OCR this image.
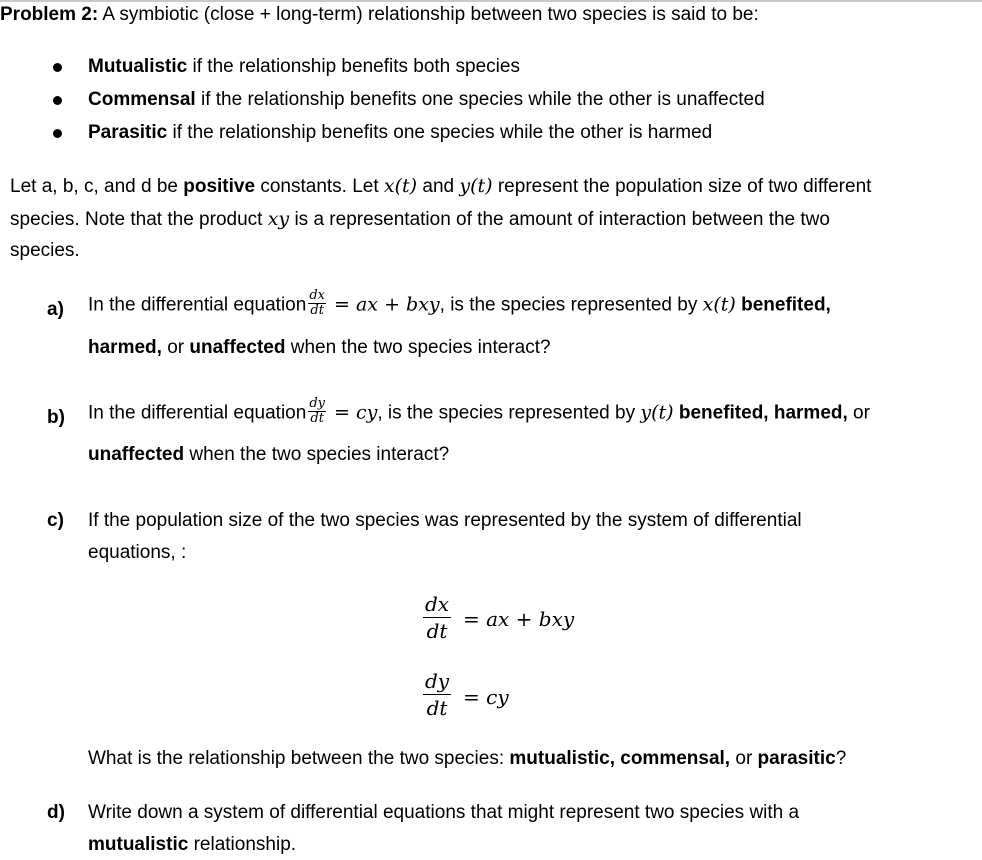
Problem 2: A symbiotic (close + long-term) relationship between two species is said to be:
Mutualistic if the relationship benefits both species
Commensal if the relationship benefits one species while the other is unaffected
Parasitic if the relationship benefits one species while the other is harmed
Let a, b, c, and d be positive constants. Let x(t) and y(t) represent the population size of two different
species. Note that the product xy is a representation of the amount of interaction between the two
species.
a) In the differential equation $\frac{dx}{dt}$ = ax + bxy, is the species represented by x(t) benefited,
harmed, or unaffected when the two species interact?
b) In the differential equation $\frac{dy}{dt}$ = cy, is the species represented by y(t) benefited, harmed, or
unaffected when the two species interact?
c) If the population size of the two species was represented by the system of differential
equations, :
$\frac{dx}{dt}$ = ax + bxy
$\frac{dy}{dt}$ = cy
What is the relationship between the two species: mutualistic, commensal, or parasitic?
d) Write down a system of differential equations that might represent two species with a
mutualistic relationship.
